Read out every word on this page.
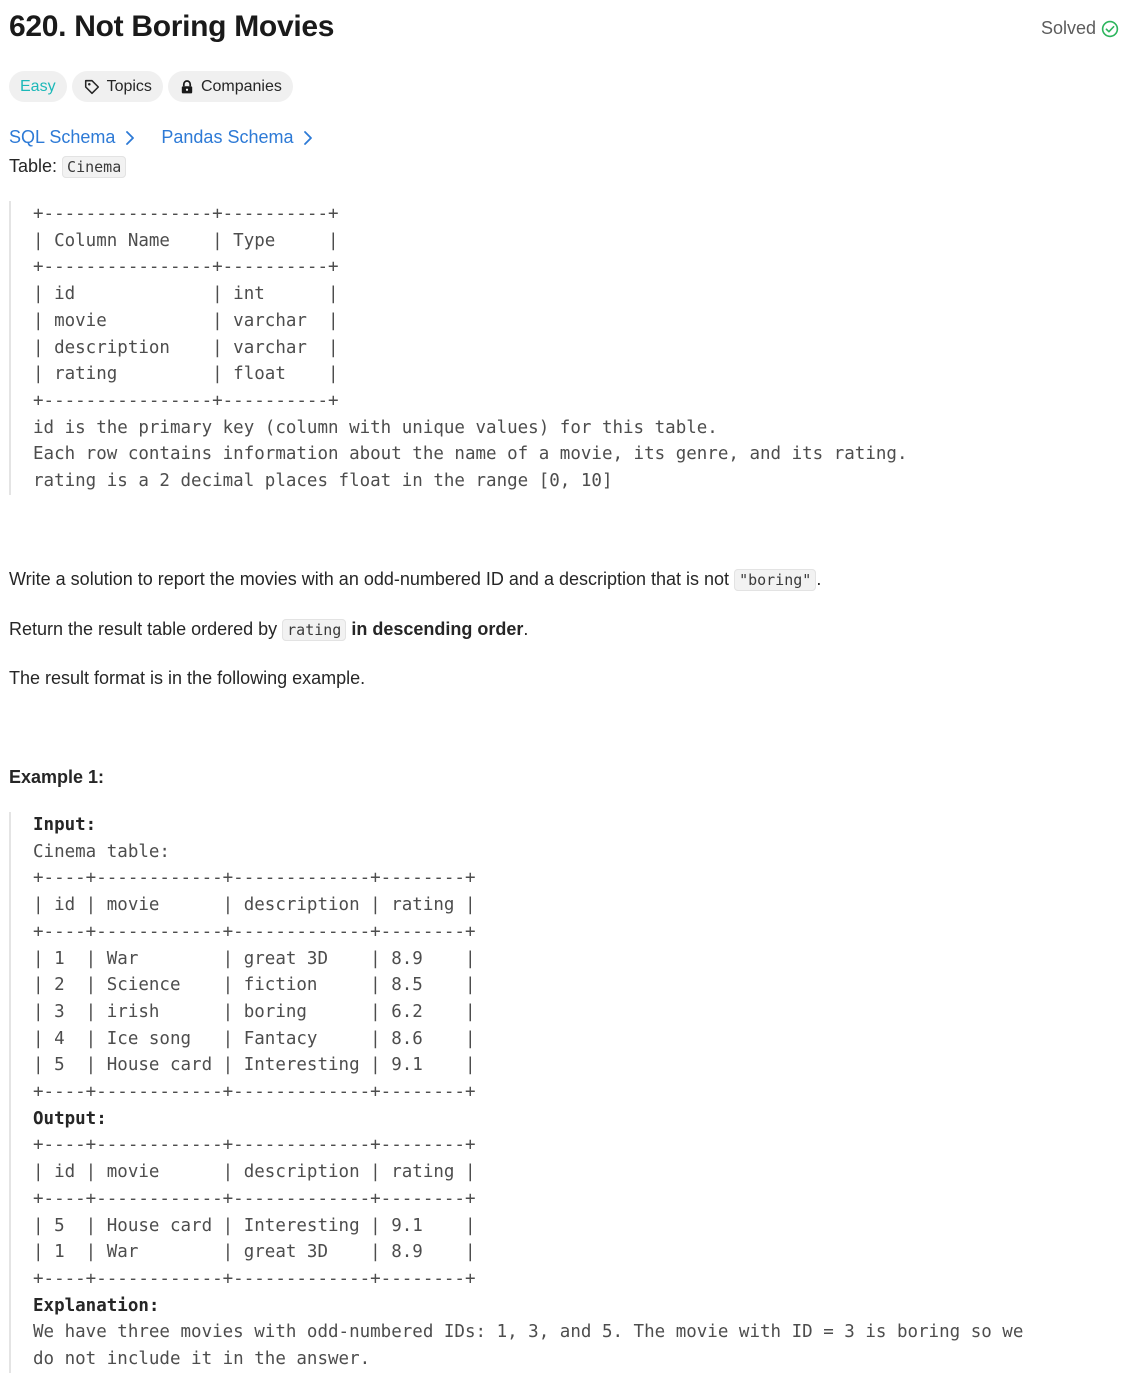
620. Not Boring Movies	Solved
Easy	Topics	Companies
SQL Schema	Pandas Schema
Table: Cinema
+----------------+----------+
| Column Name    | Type     |
+----------------+----------+
| id             | int      |
| movie          | varchar  |
| description    | varchar  |
| rating         | float    |
+----------------+----------+
id is the primary key (column with unique values) for this table.
Each row contains information about the name of a movie, its genre, and its rating.
rating is a 2 decimal places float in the range [0, 10]
Write a solution to report the movies with an odd-numbered ID and a description that is not "boring" .
Return the result table ordered by rating in descending order.
The result format is in the following example.
Example 1:
Input:
Cinema table:
+----+------------+-------------+--------+
| id | movie      | description | rating |
+----+------------+-------------+--------+
| 1  | War        | great 3D    | 8.9    |
| 2  | Science    | fiction     | 8.5    |
| 3  | irish      | boring      | 6.2    |
| 4  | Ice song   | Fantacy     | 8.6    |
| 5  | House card | Interesting | 9.1    |
+----+------------+-------------+--------+
Output:
+----+------------+-------------+--------+
| id | movie      | description | rating |
+----+------------+-------------+--------+
| 5  | House card | Interesting | 9.1    |
| 1  | War        | great 3D    | 8.9    |
+----+------------+-------------+--------+
Explanation:
We have three movies with odd-numbered IDs: 1, 3, and 5. The movie with ID = 3 is boring so we
do not include it in the answer.
